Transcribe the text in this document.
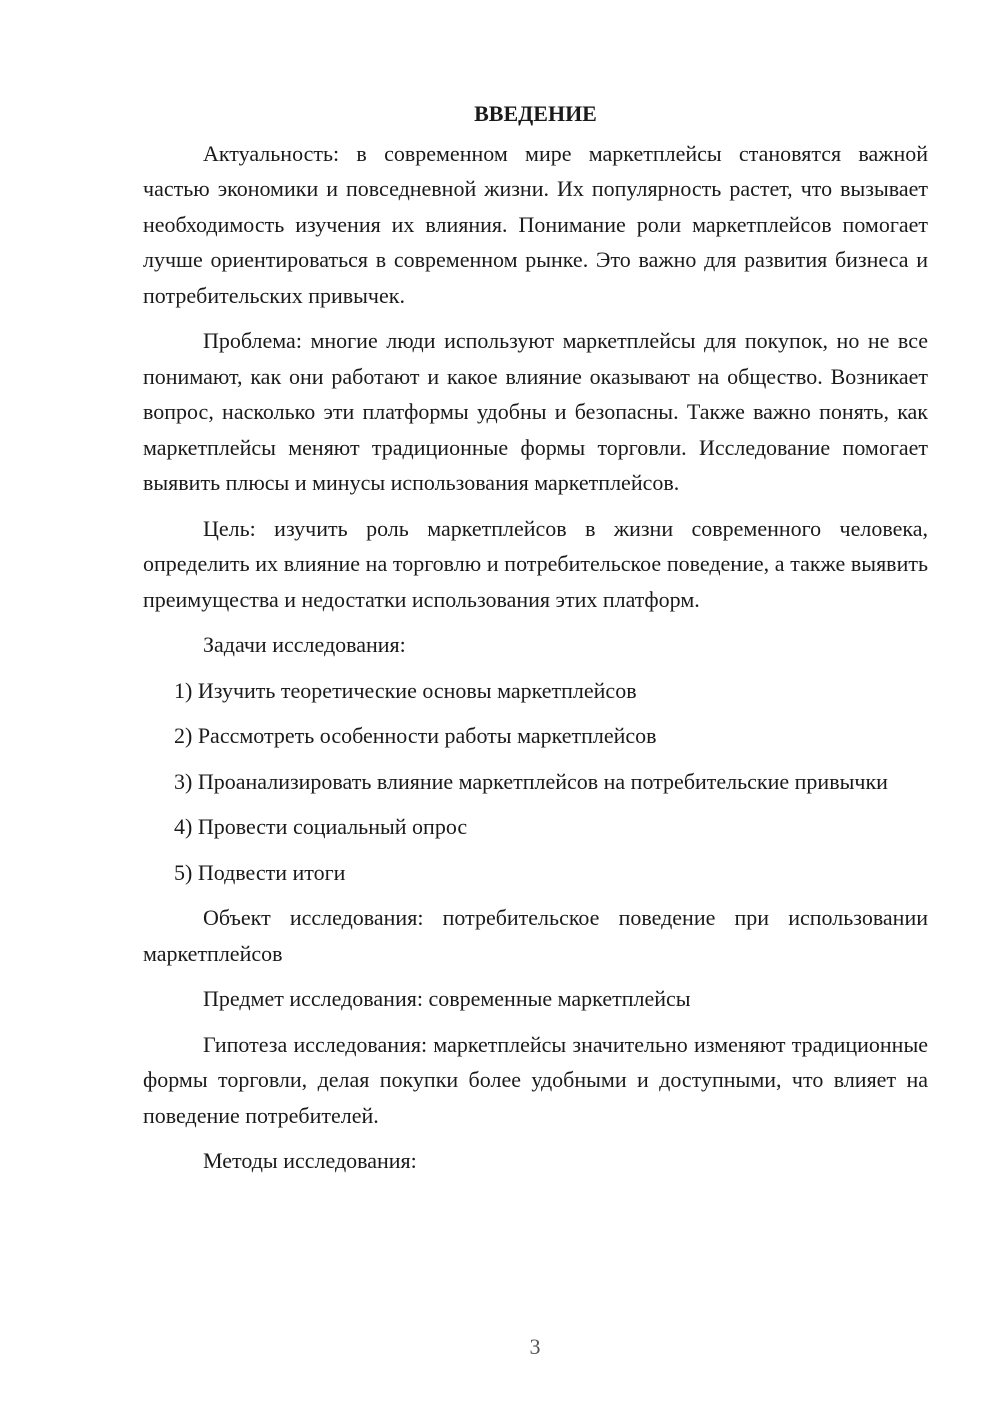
ВВЕДЕНИЕ

Актуальность: в современном мире маркетплейсы становятся важной частью экономики и повседневной жизни. Их популярность растет, что вызывает необходимость изучения их влияния. Понимание роли маркетплейсов помогает лучше ориентироваться в современном рынке. Это важно для развития бизнеса и потребительских привычек.

Проблема: многие люди используют маркетплейсы для покупок, но не все понимают, как они работают и какое влияние оказывают на общество. Возникает вопрос, насколько эти платформы удобны и безопасны. Также важно понять, как маркетплейсы меняют традиционные формы торговли. Исследование помогает выявить плюсы и минусы использования маркетплейсов.

Цель: изучить роль маркетплейсов в жизни современного человека, определить их влияние на торговлю и потребительское поведение, а также выявить преимущества и недостатки использования этих платформ.

Задачи исследования:

1) Изучить теоретические основы маркетплейсов

2) Рассмотреть особенности работы маркетплейсов

3) Проанализировать влияние маркетплейсов на потребительские привычки

4) Провести социальный опрос

5) Подвести итоги

Объект исследования: потребительское поведение при использовании маркетплейсов

Предмет исследования: современные маркетплейсы

Гипотеза исследования: маркетплейсы значительно изменяют традиционные формы торговли, делая покупки более удобными и доступными, что влияет на поведение потребителей.

Методы исследования:

3
